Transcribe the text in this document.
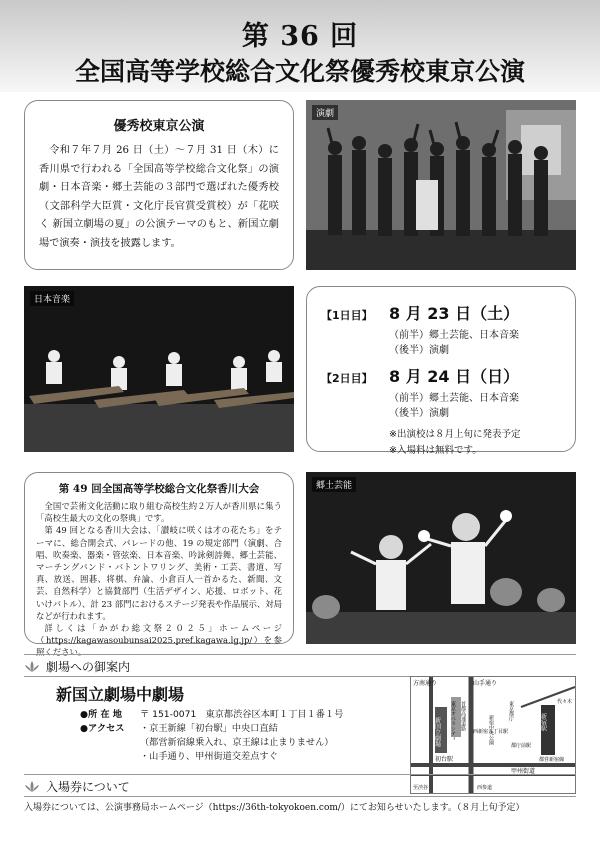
第 36 回
全国高等学校総合文化祭優秀校東京公演
優秀校東京公演

令和７年７月 26 日（土）～７月 31 日（木）に香川県で行われる「全国高等学校総合文化祭」の演劇・日本音楽・郷土芸能の３部門で選ばれた優秀校（文部科学大臣賞・文化庁長官賞受賞校）が「花咲く 新国立劇場の夏」の公演テーマのもと、新国立劇場で演奏・演技を披露します。

演劇
日本音楽
【1日目】	8 月 23 日（土）
（前半）郷土芸能、日本音楽
（後半）演劇
【2日目】	8 月 24 日（日）
（前半）郷土芸能、日本音楽
（後半）演劇
※出演校は８月上旬に発表予定
※入場料は無料です。
第 49 回全国高等学校総合文化祭香川大会

全国で芸術文化活動に取り組む高校生約２万人が香川県に集う「高校生最大の文化の祭典」です。

第 49 回となる香川大会は、「讃岐に咲くは才の花たち」をテーマに、総合開会式、パレードの他、19 の規定部門（演劇、合唱、吹奏楽、器楽・管弦楽、日本音楽、吟詠剣詩舞、郷土芸能、マーチングバンド・バトントワリング、美術・工芸、書道、写真、放送、囲碁、将棋、弁論、小倉百人一首かるた、新聞、文芸、自然科学）と協賛部門（生活デザイン、応援、ロボット、花いけバトル）、計 23 部門におけるステージ発表や作品展示、対局などが行われます。

詳しくは「かがわ総文祭２０２５」ホームページ（https://kagawasoubunsai2025.pref.kagawa.lg.jp/）を参照ください。

郷土芸能
劇場への御案内
新国立劇場中劇場
●所 在 地	〒 151-0071　東京都渋谷区本町１丁目１番１号
●アクセス	・京王新線「初台駅」中央口直結
（都営新宿線乗入れ、京王線は止まりません）
・山手通り、甲州街道交差点すぐ
方南通り	山手通り
新国立劇場 東京オペラシティ 首都高速道路
初台駅
西新宿五丁目駅
新宿中央公園
東京都庁
都庁前駅
新宿駅
代々木
甲州街道
至渋谷	西参道
都営新宿線
入場券について
入場券については、公演事務局ホームページ（https://36th-tokyokoen.com/）にてお知らせいたします。（８月上旬予定）
